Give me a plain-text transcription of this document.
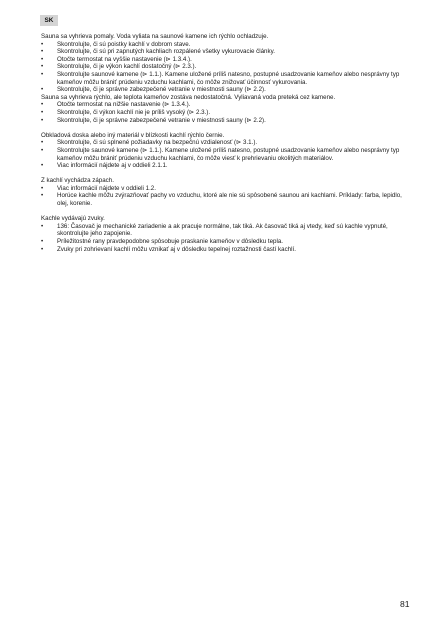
SK

Sauna sa vyhrieva pomaly. Voda vyliata na saunové kamene ich rýchlo ochladzuje.

• Skontrolujte, či sú poistky kachlí v dobrom stave.
• Skontrolujte, či sú pri zapnutých kachliach rozpálené všetky vykurovacie články.
• Otočte termostat na vyššie nastavenie (⊳ 1.3.4.).
• Skontrolujte, či je výkon kachlí dostatočný (⊳ 2.3.).
• Skontrolujte saunové kamene (⊳ 1.1.). Kamene uložené príliš natesno, postupné usadzovanie kameňov alebo nesprávny typ kameňov môžu brániť prúdeniu vzduchu kachlami, čo môže znižovať účinnosť vykurovania.
• Skontrolujte, či je správne zabezpečené vetranie v miestnosti sauny (⊳ 2.2).

Sauna sa vyhrieva rýchlo, ale teplota kameňov zostáva nedostatočná. Vyliavaná voda preteká cez kamene.

• Otočte termostat na nižšie nastavenie (⊳ 1.3.4.).
• Skontrolujte, či výkon kachlí nie je príliš vysoký (⊳ 2.3.).
• Skontrolujte, či je správne zabezpečené vetranie v miestnosti sauny (⊳ 2.2).

Obkladová doska alebo iný materiál v blízkosti kachlí rýchlo černie.

• Skontrolujte, či sú splnené požiadavky na bezpečnú vzdialenosť (⊳ 3.1.).
• Skontrolujte saunové kamene (⊳ 1.1.). Kamene uložené príliš natesno, postupné usadzovanie kameňov alebo nesprávny typ kameňov môžu brániť prúdeniu vzduchu kachlami, čo môže viesť k prehrievaniu okolitých materiálov.
• Viac informácií nájdete aj v oddieli 2.1.1.

Z kachlí vychádza zápach.

• Viac informácií nájdete v oddieli 1.2.
• Horúce kachle môžu zvýrazňovať pachy vo vzduchu, ktoré ale nie sú spôsobené saunou ani kachlami. Príklady: farba, lepidlo, olej, korenie.

Kachle vydávajú zvuky.

• 136: Časovač je mechanické zariadenie a ak pracuje normálne, tak tiká. Ak časovač tiká aj vtedy, keď sú kachle vypnuté, skontrolujte jeho zapojenie.
• Príležitostné rany pravdepodobne spôsobuje praskanie kameňov v dôsledku tepla.
• Zvuky pri zohrievaní kachlí môžu vznikať aj v dôsledku tepelnej roztažnosti častí kachlí.
81
